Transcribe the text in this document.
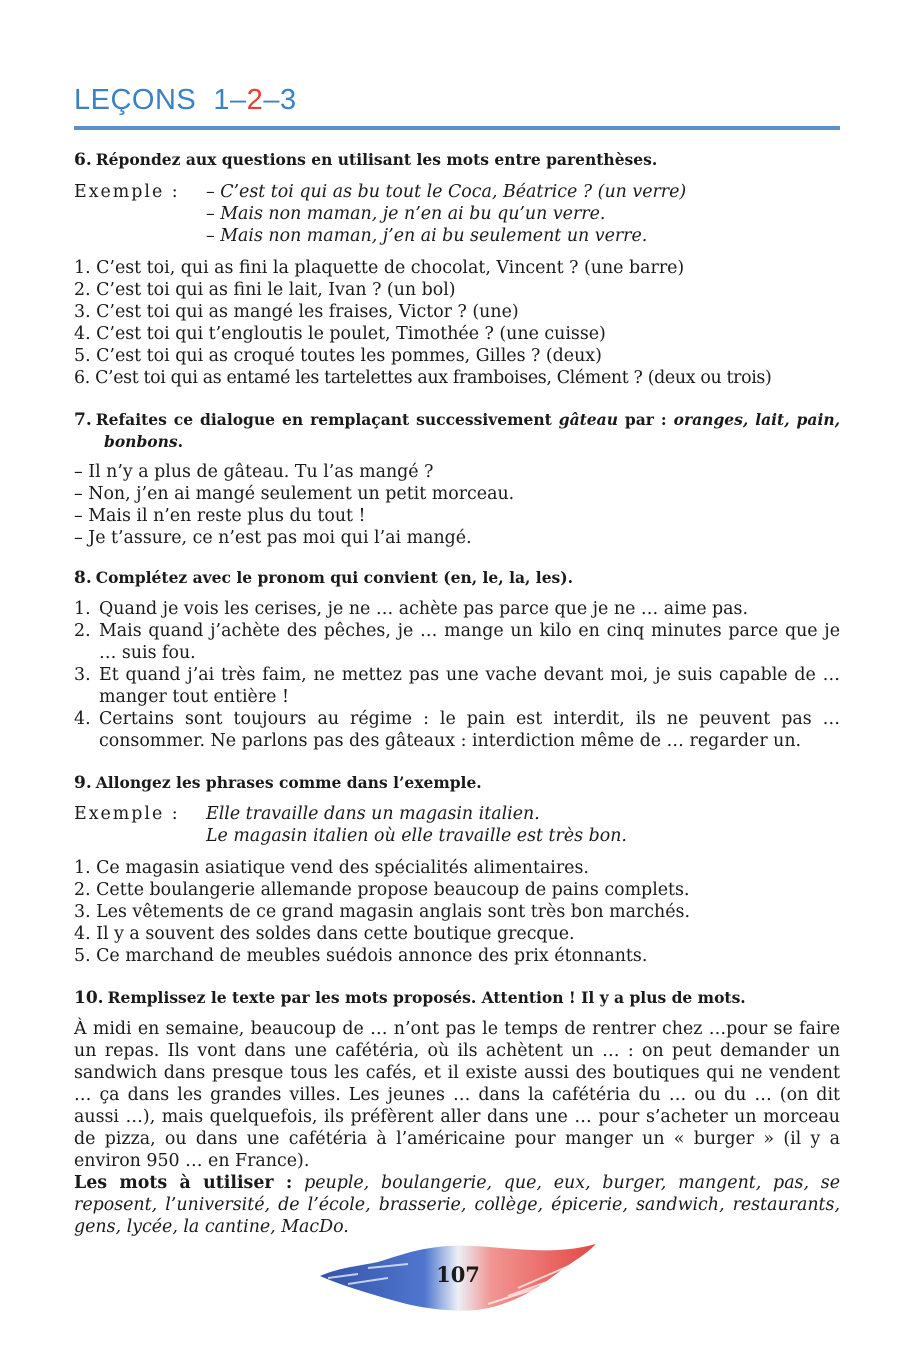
LEÇONS 1–2–3
6. Répondez aux questions en utilisant les mots entre parenthèses.
Exemple : – C’est toi qui as bu tout le Coca, Béatrice ? (un verre)
– Mais non maman, je n’en ai bu qu’un verre.
– Mais non maman, j’en ai bu seulement un verre.
1. C’est toi, qui as fini la plaquette de chocolat, Vincent ? (une barre)
2. C’est toi qui as fini le lait, Ivan ? (un bol)
3. C’est toi qui as mangé les fraises, Victor ? (une)
4. C’est toi qui t’engloutis le poulet, Timothée ? (une cuisse)
5. C’est toi qui as croqué toutes les pommes, Gilles ? (deux)
6. C’est toi qui as entamé les tartelettes aux framboises, Clément ? (deux ou trois)
7. Refaites ce dialogue en remplaçant successivement gâteau par : oranges, lait, pain, bonbons.
– Il n’y a plus de gâteau. Tu l’as mangé ?
– Non, j’en ai mangé seulement un petit morceau.
– Mais il n’en reste plus du tout !
– Je t’assure, ce n’est pas moi qui l’ai mangé.
8. Complétez avec le pronom qui convient (en, le, la, les).
1. Quand je vois les cerises, je ne … achète pas parce que je ne … aime pas.
2. Mais quand j’achète des pêches, je … mange un kilo en cinq minutes parce que je … suis fou.
3. Et quand j’ai très faim, ne mettez pas une vache devant moi, je suis capable de … manger tout entière !
4. Certains sont toujours au régime : le pain est interdit, ils ne peuvent pas … consommer. Ne parlons pas des gâteaux : interdiction même de … regarder un.
9. Allongez les phrases comme dans l’exemple.
Exemple : Elle travaille dans un magasin italien.
Le magasin italien où elle travaille est très bon.
1. Ce magasin asiatique vend des spécialités alimentaires.
2. Cette boulangerie allemande propose beaucoup de pains complets.
3. Les vêtements de ce grand magasin anglais sont très bon marchés.
4. Il y a souvent des soldes dans cette boutique grecque.
5. Ce marchand de meubles suédois annonce des prix étonnants.
10. Remplissez le texte par les mots proposés. Attention ! Il y a plus de mots.
À midi en semaine, beaucoup de … n’ont pas le temps de rentrer chez …pour se faire un repas. Ils vont dans une cafétéria, où ils achètent un … : on peut demander un sandwich dans presque tous les cafés, et il existe aussi des boutiques qui ne vendent … ça dans les grandes villes. Les jeunes … dans la cafétéria du … ou du … (on dit aussi …), mais quelquefois, ils préfèrent aller dans une … pour s’acheter un morceau de pizza, ou dans une cafétéria à l’américaine pour manger un « burger » (il y a environ 950 … en France).
Les mots à utiliser : peuple, boulangerie, que, eux, burger, mangent, pas, se reposent, l’université, de l’école, brasserie, collège, épicerie, sandwich, restaurants, gens, lycée, la cantine, MacDo.
107
